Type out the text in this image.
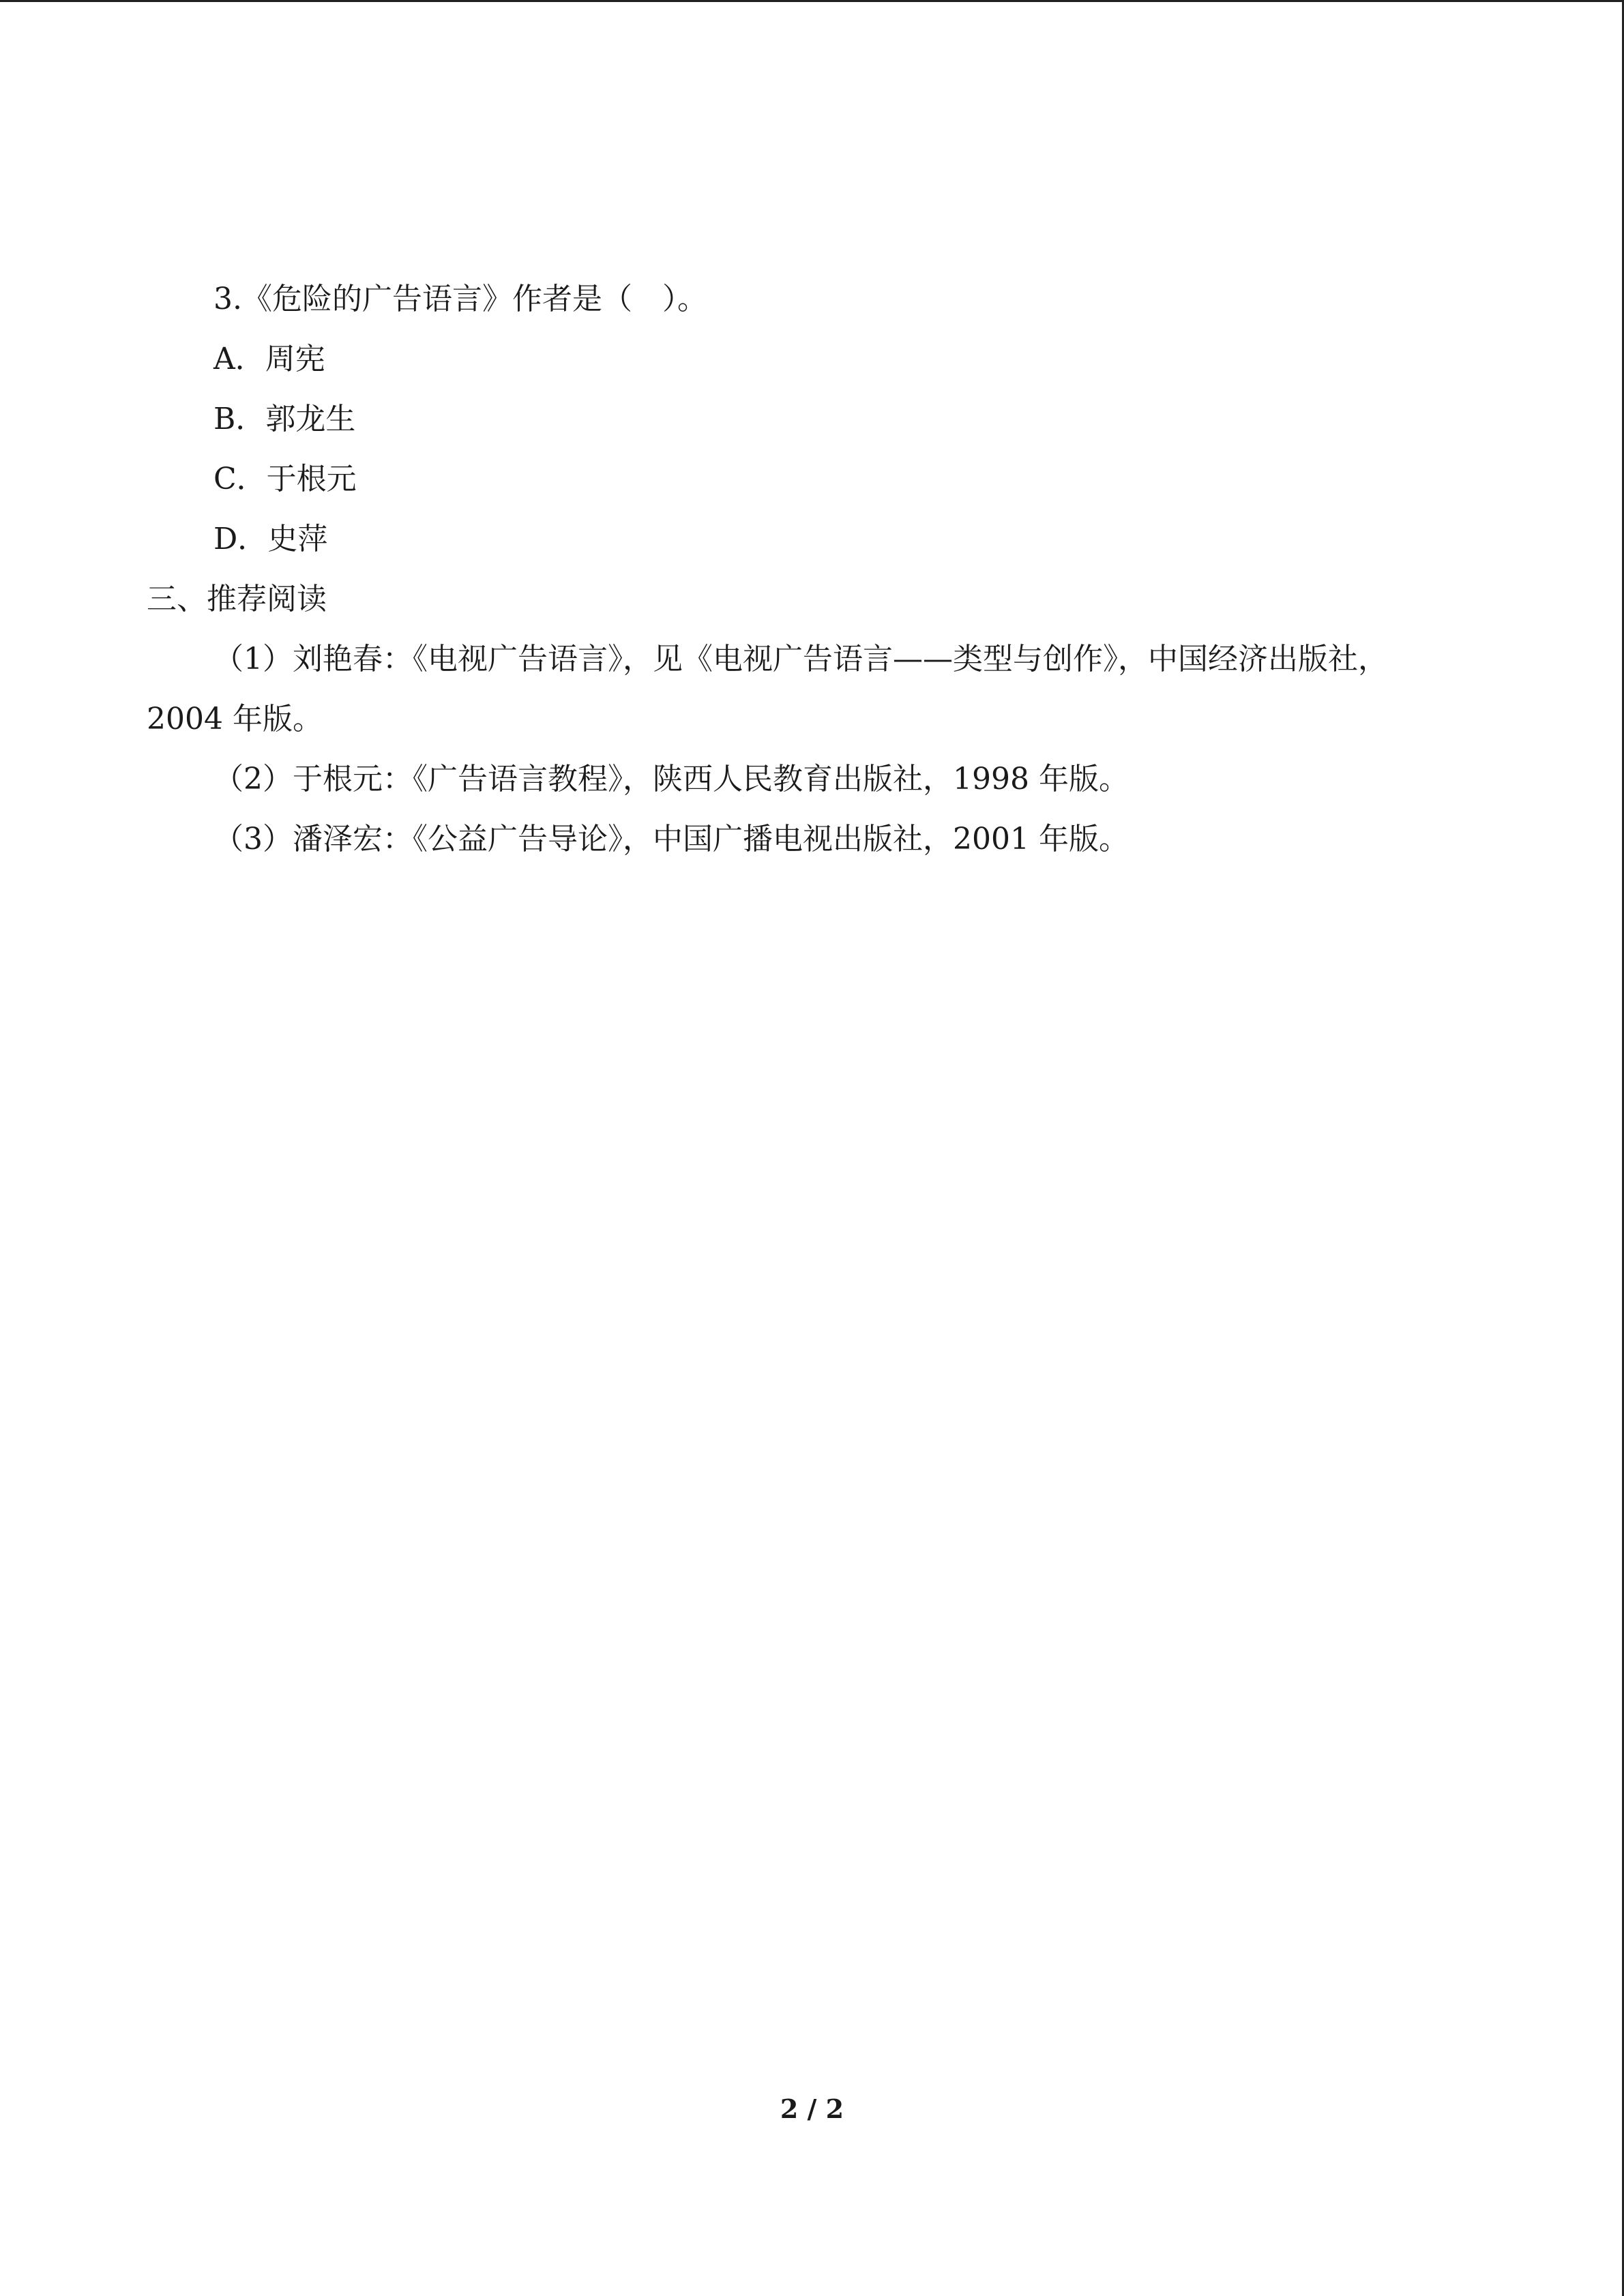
3.《危险的广告语言》作者是（　）。
A．周宪
B．郭龙生
C．于根元
D．史萍
三、推荐阅读
（1）刘艳春：《电视广告语言》，见《电视广告语言——类型与创作》，中国经济出版社，2004 年版。
（2）于根元：《广告语言教程》，陕西人民教育出版社，1998 年版。
（3）潘泽宏：《公益广告导论》，中国广播电视出版社，2001 年版。
2 / 2
